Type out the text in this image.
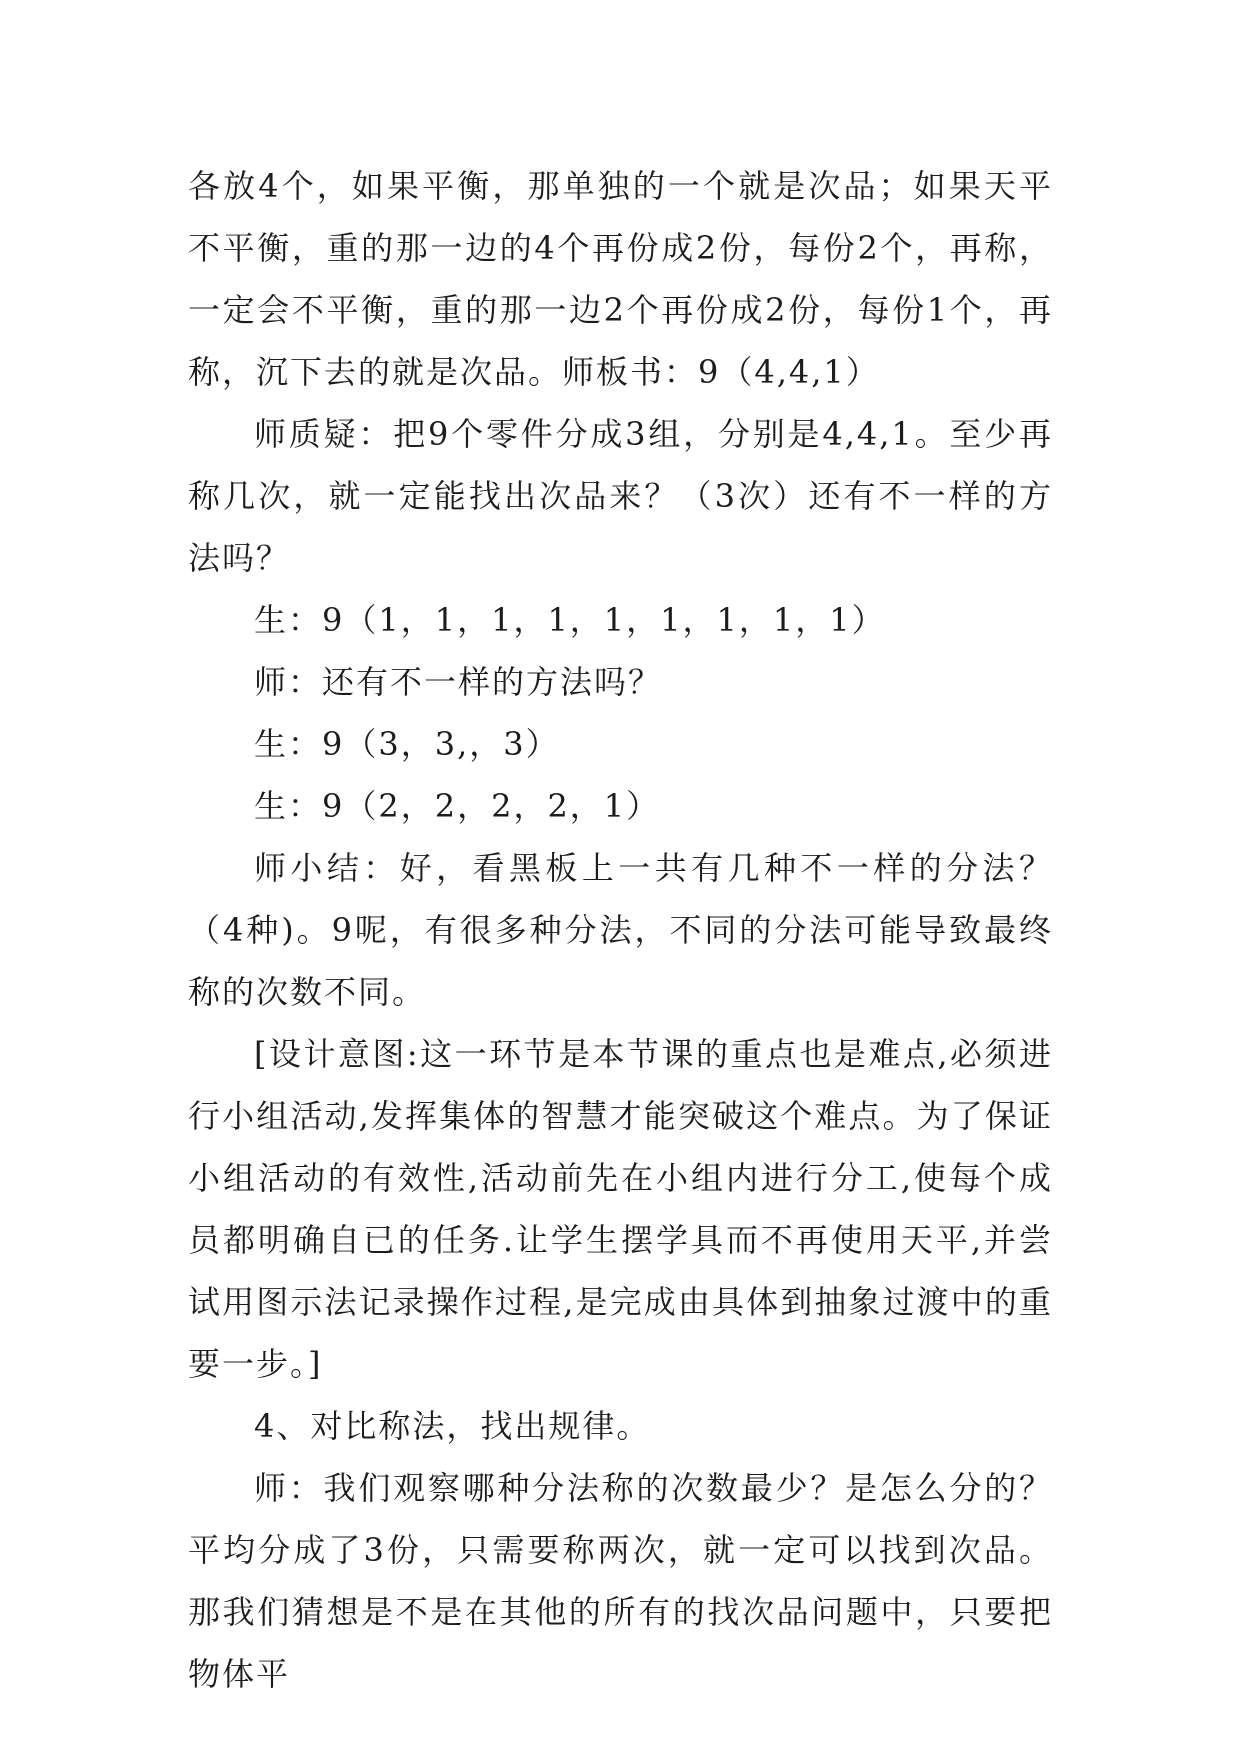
各放4个，如果平衡，那单独的一个就是次品；如果天平不平衡，重的那一边的4个再份成2份，每份2个，再称，一定会不平衡，重的那一边2个再份成2份，每份1个，再称，沉下去的就是次品。师板书：9（4,4,1）

师质疑：把9个零件分成3组，分别是4,4,1。至少再称几次，就一定能找出次品来？（3次）还有不一样的方法吗？

生：9（1，1，1，1，1，1，1，1，1）

师：还有不一样的方法吗？

生：9（3，3,，3）

生：9（2，2，2，2，1）

师小结：好，看黑板上一共有几种不一样的分法？（4种)。9呢，有很多种分法，不同的分法可能导致最终称的次数不同。

[设计意图:这一环节是本节课的重点也是难点,必须进行小组活动,发挥集体的智慧才能突破这个难点。为了保证小组活动的有效性,活动前先在小组内进行分工,使每个成员都明确自已的任务.让学生摆学具而不再使用天平,并尝试用图示法记录操作过程,是完成由具体到抽象过渡中的重要一步。]

4、对比称法，找出规律。

师：我们观察哪种分法称的次数最少？是怎么分的？平均分成了3份，只需要称两次，就一定可以找到次品。那我们猜想是不是在其他的所有的找次品问题中，只要把物体平
